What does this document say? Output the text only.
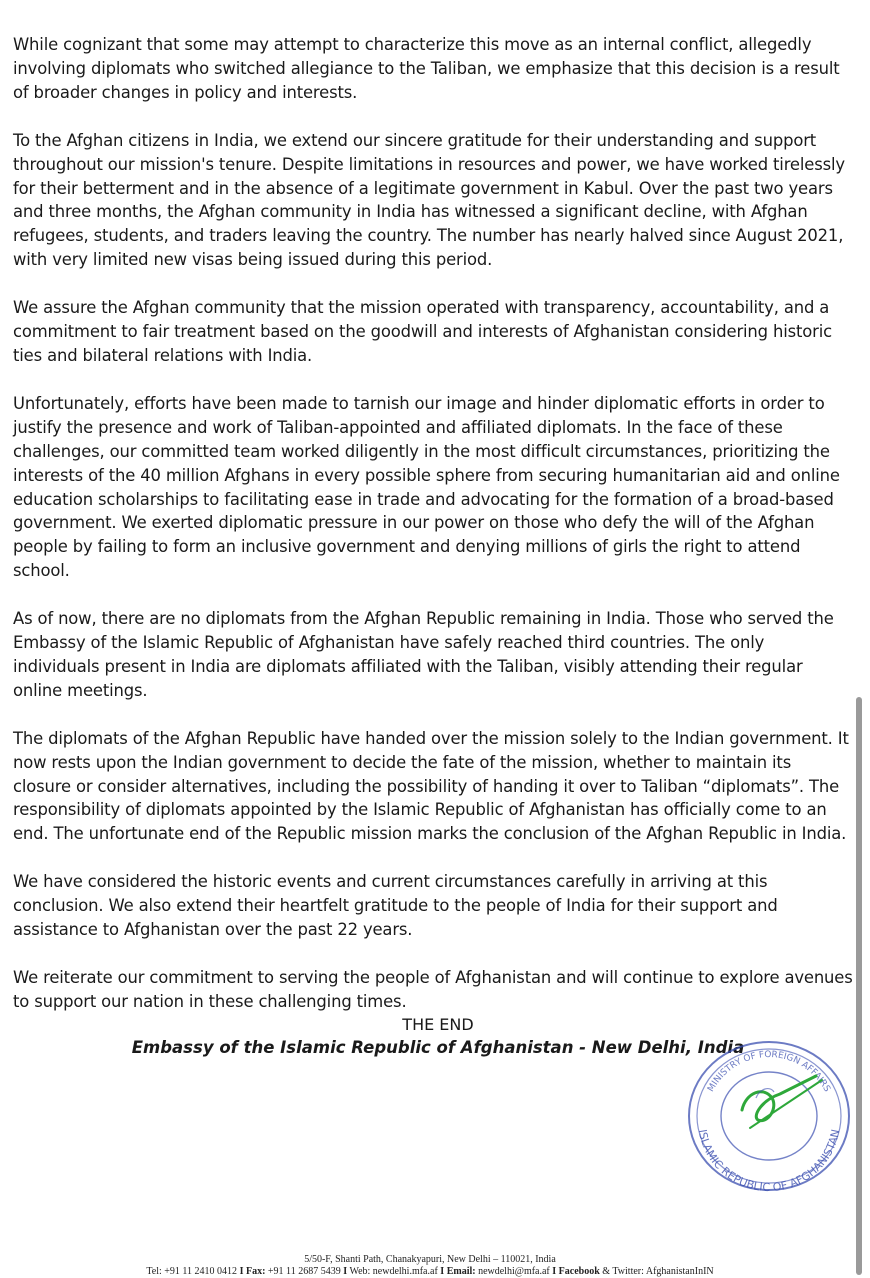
While cognizant that some may attempt to characterize this move as an internal conflict, allegedly involving diplomats who switched allegiance to the Taliban, we emphasize that this decision is a result of broader changes in policy and interests.

To the Afghan citizens in India, we extend our sincere gratitude for their understanding and support throughout our mission's tenure. Despite limitations in resources and power, we have worked tirelessly for their betterment and in the absence of a legitimate government in Kabul. Over the past two years and three months, the Afghan community in India has witnessed a significant decline, with Afghan refugees, students, and traders leaving the country. The number has nearly halved since August 2021, with very limited new visas being issued during this period.

We assure the Afghan community that the mission operated with transparency, accountability, and a commitment to fair treatment based on the goodwill and interests of Afghanistan considering historic ties and bilateral relations with India.

Unfortunately, efforts have been made to tarnish our image and hinder diplomatic efforts in order to justify the presence and work of Taliban-appointed and affiliated diplomats. In the face of these challenges, our committed team worked diligently in the most difficult circumstances, prioritizing the interests of the 40 million Afghans in every possible sphere from securing humanitarian aid and online education scholarships to facilitating ease in trade and advocating for the formation of a broad-based government. We exerted diplomatic pressure in our power on those who defy the will of the Afghan people by failing to form an inclusive government and denying millions of girls the right to attend school.

As of now, there are no diplomats from the Afghan Republic remaining in India. Those who served the Embassy of the Islamic Republic of Afghanistan have safely reached third countries. The only individuals present in India are diplomats affiliated with the Taliban, visibly attending their regular online meetings.

The diplomats of the Afghan Republic have handed over the mission solely to the Indian government. It now rests upon the Indian government to decide the fate of the mission, whether to maintain its closure or consider alternatives, including the possibility of handing it over to Taliban “diplomats”. The responsibility of diplomats appointed by the Islamic Republic of Afghanistan has officially come to an end. The unfortunate end of the Republic mission marks the conclusion of the Afghan Republic in India.

We have considered the historic events and current circumstances carefully in arriving at this conclusion. We also extend their heartfelt gratitude to the people of India for their support and assistance to Afghanistan over the past 22 years.

We reiterate our commitment to serving the people of Afghanistan and will continue to explore avenues to support our nation in these challenging times.

THE END

Embassy of the Islamic Republic of Afghanistan - New Delhi, India

ISLAMIC REPUBLIC OF AFGHANISTAN
MINISTRY OF FOREIGN AFFAIRS
5/50-F, Shanti Path, Chanakyapuri, New Delhi – 110021, India
Tel: +91 11 2410 0412 I Fax: +91 11 2687 5439 I Web: newdelhi.mfa.af I Email: newdelhi@mfa.af I Facebook & Twitter: AfghanistanInIN
